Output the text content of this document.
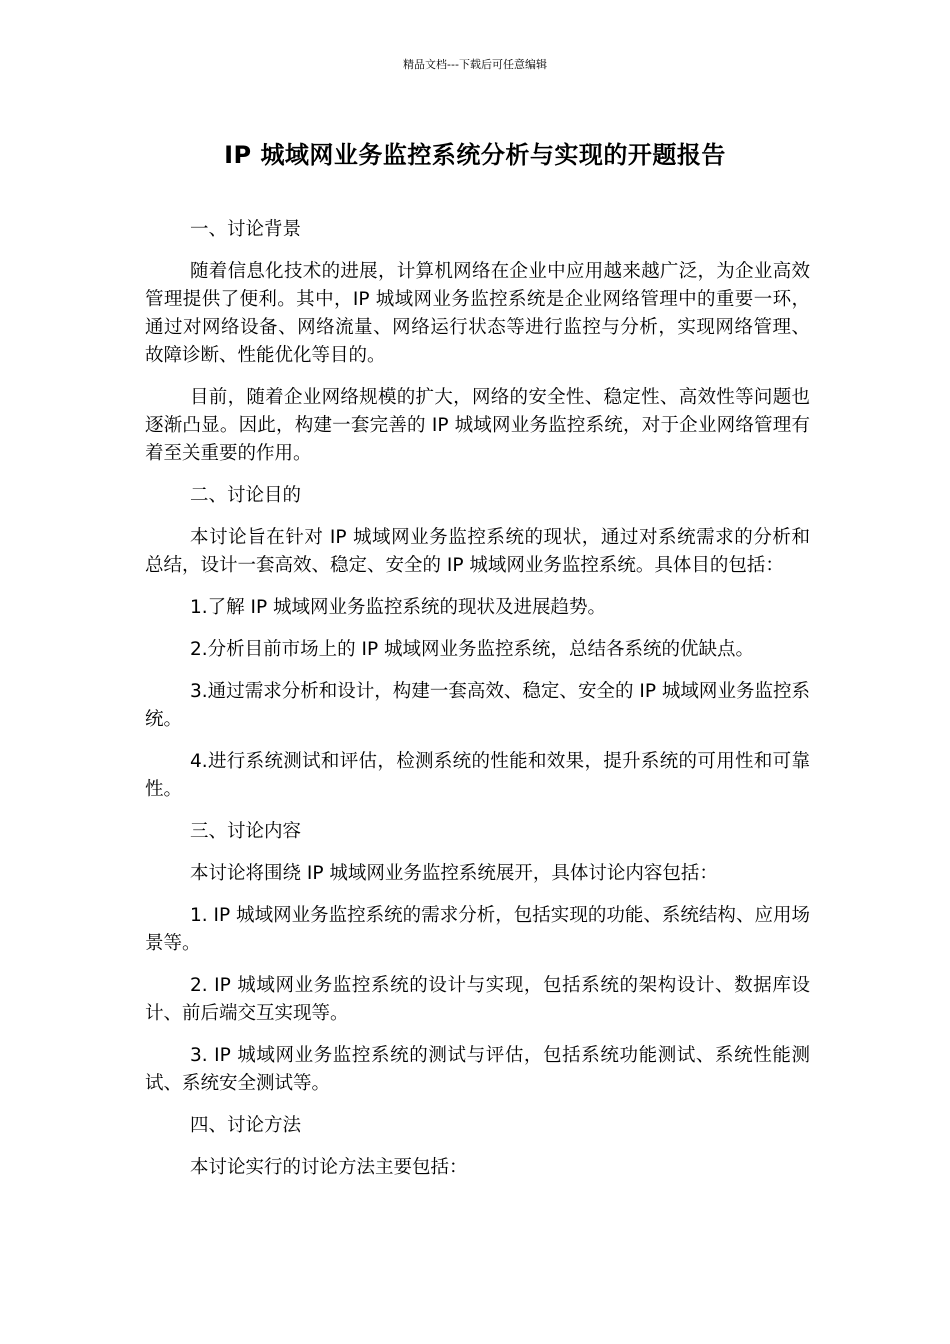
精品文档---下载后可任意编辑
IP 城域网业务监控系统分析与实现的开题报告

一、讨论背景

随着信息化技术的进展，计算机网络在企业中应用越来越广泛，为企业高效管理提供了便利。其中，IP 城域网业务监控系统是企业网络管理中的重要一环，通过对网络设备、网络流量、网络运行状态等进行监控与分析，实现网络管理、故障诊断、性能优化等目的。

目前，随着企业网络规模的扩大，网络的安全性、稳定性、高效性等问题也逐渐凸显。因此，构建一套完善的 IP 城域网业务监控系统，对于企业网络管理有着至关重要的作用。

二、讨论目的

本讨论旨在针对 IP 城域网业务监控系统的现状，通过对系统需求的分析和总结，设计一套高效、稳定、安全的 IP 城域网业务监控系统。具体目的包括：

1.了解 IP 城域网业务监控系统的现状及进展趋势。

2.分析目前市场上的 IP 城域网业务监控系统，总结各系统的优缺点。

3.通过需求分析和设计，构建一套高效、稳定、安全的 IP 城域网业务监控系统。

4.进行系统测试和评估，检测系统的性能和效果，提升系统的可用性和可靠性。

三、讨论内容

本讨论将围绕 IP 城域网业务监控系统展开，具体讨论内容包括：

1. IP 城域网业务监控系统的需求分析，包括实现的功能、系统结构、应用场景等。

2. IP 城域网业务监控系统的设计与实现，包括系统的架构设计、数据库设计、前后端交互实现等。

3. IP 城域网业务监控系统的测试与评估，包括系统功能测试、系统性能测试、系统安全测试等。

四、讨论方法

本讨论实行的讨论方法主要包括：
